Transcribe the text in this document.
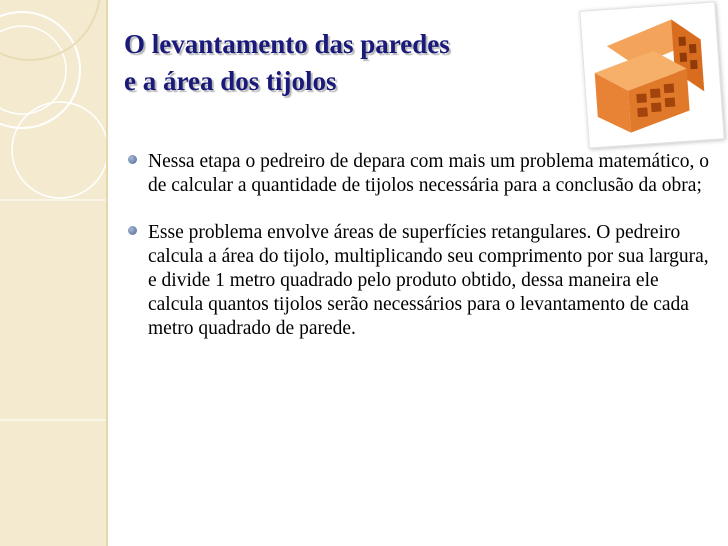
O levantamento das paredes
e a área dos tijolos
Nessa etapa o pedreiro de depara com mais um problema matemático, o de calcular a quantidade de tijolos necessária para a conclusão da obra;
Esse problema envolve áreas de superfícies retangulares. O pedreiro calcula a área do tijolo, multiplicando seu comprimento por sua largura, e divide 1 metro quadrado pelo produto obtido, dessa maneira ele calcula quantos tijolos serão necessários para o levantamento de cada metro quadrado de parede.
